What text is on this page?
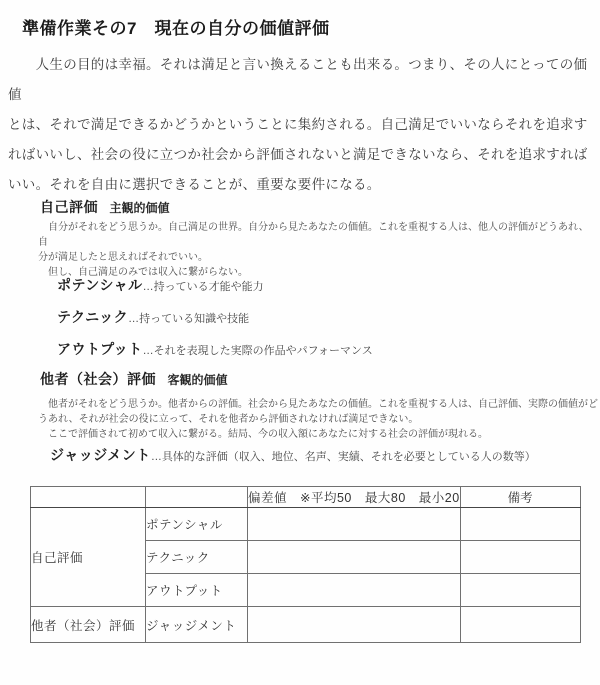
準備作業その7　現在の自分の価値評価
　　人生の目的は幸福。それは満足と言い換えることも出来る。つまり、その人にとっての価値
とは、それで満足できるかどうかということに集約される。自己満足でいいならそれを追求す
ればいいし、社会の役に立つか社会から評価されないと満足できないなら、それを追求すれば
いい。それを自由に選択できることが、重要な要件になる。
自己評価 主観的価値
　自分がそれをどう思うか。自己満足の世界。自分から見たあなたの価値。これを重視する人は、他人の評価がどうあれ、自
分が満足したと思えればそれでいい。
　但し、自己満足のみでは収入に繋がらない。
ポテンシャル…持っている才能や能力
テクニック…持っている知識や技能
アウトプット…それを表現した実際の作品やパフォーマンス
他者（社会）評価 客観的価値
　他者がそれをどう思うか。他者からの評価。社会から見たあなたの価値。これを重視する人は、自己評価、実際の価値がど
うあれ、それが社会の役に立って、それを他者から評価されなければ満足できない。
　ここで評価されて初めて収入に繋がる。結局、今の収入額にあなたに対する社会の評価が現れる。
ジャッジメント…具体的な評価（収入、地位、名声、実績、それを必要としている人の数等）
		偏差値　※平均50　最大80　最小20	備考
自己評価	ポテンシャル		
	テクニック		
	アウトプット		
他者（社会）評価	ジャッジメント		
